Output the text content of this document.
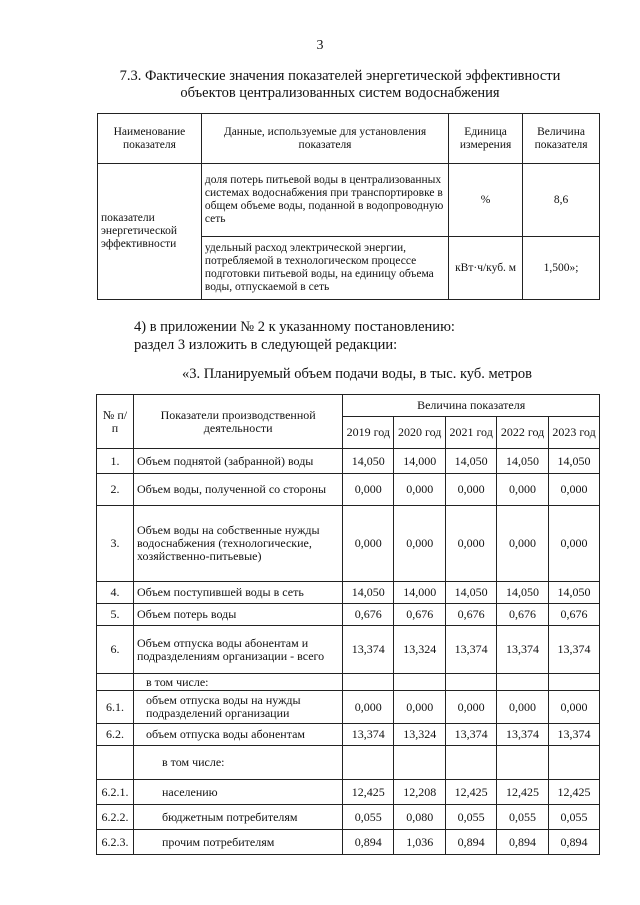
3
7.3. Фактические значения показателей энергетической эффективности
объектов централизованных систем водоснабжения
Наименование показателя	Данные, используемые для установления показателя	Единица измерения	Величина показателя
показатели энергетической эффективности	доля потерь питьевой воды в централизованных системах водоснабжения при транспортировке в общем объеме воды, поданной в водопроводную сеть	%	8,6
	удельный расход электрической энергии, потребляемой в технологическом процессе подготовки питьевой воды, на единицу объема воды, отпускаемой в сеть	кВт·ч/куб. м	1,500»;
4) в приложении № 2 к указанному постановлению:
раздел 3 изложить в следующей редакции:
«3. Планируемый объем подачи воды, в тыс. куб. метров
№ п/п	Показатели производственной деятельности	Величина показателя				
		2019 год	2020 год	2021 год	2022 год	2023 год
1.	Объем поднятой (забранной) воды	14,050	14,000	14,050	14,050	14,050
2.	Объем воды, полученной со стороны	0,000	0,000	0,000	0,000	0,000
3.	Объем воды на собственные нужды водоснабжения (технологические, хозяйственно-питьевые)	0,000	0,000	0,000	0,000	0,000
4.	Объем поступившей воды в сеть	14,050	14,000	14,050	14,050	14,050
5.	Объем потерь воды	0,676	0,676	0,676	0,676	0,676
6.	Объем отпуска воды абонентам и подразделениям организации - всего	13,374	13,324	13,374	13,374	13,374
	в том числе:					
6.1.	объем отпуска воды на нужды подразделений организации	0,000	0,000	0,000	0,000	0,000
6.2.	объем отпуска воды абонентам	13,374	13,324	13,374	13,374	13,374
	в том числе:					
6.2.1.	населению	12,425	12,208	12,425	12,425	12,425
6.2.2.	бюджетным потребителям	0,055	0,080	0,055	0,055	0,055
6.2.3.	прочим потребителям	0,894	1,036	0,894	0,894	0,894
